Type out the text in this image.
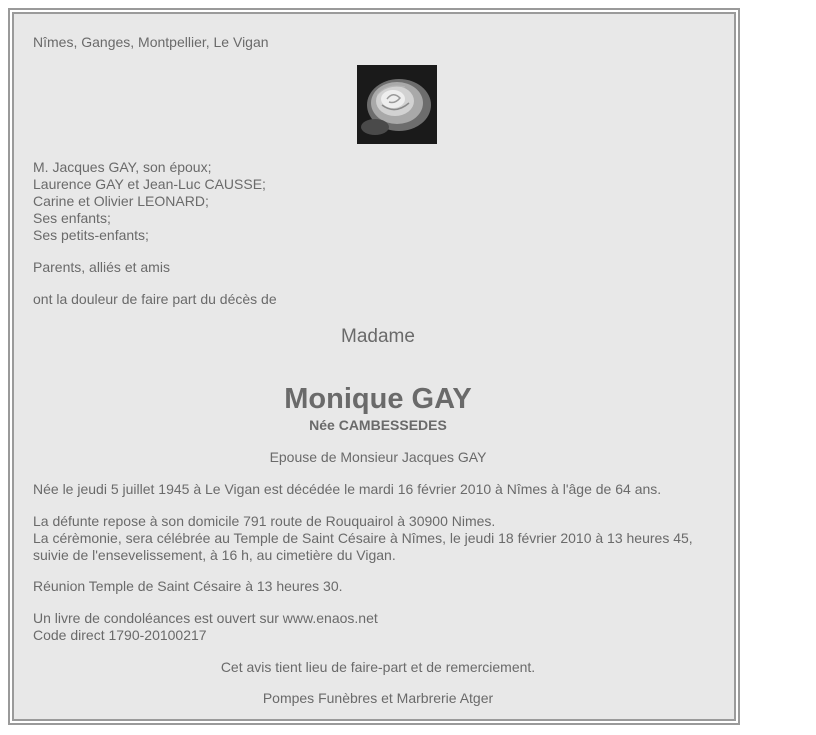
Nîmes, Ganges, Montpellier, Le Vigan
M. Jacques GAY, son époux;
Laurence GAY et Jean-Luc CAUSSE;
Carine et Olivier LEONARD;
Ses enfants;
Ses petits-enfants;
Parents, alliés et amis
ont la douleur de faire part du décès de
Madame
Monique GAY
Née CAMBESSEDES
Epouse de Monsieur Jacques GAY
Née le jeudi 5 juillet 1945 à Le Vigan est décédée le mardi 16 février 2010 à Nîmes à l'âge de 64 ans.
La défunte repose à son domicile 791 route de Rouquairol à 30900 Nimes.
La cérèmonie, sera célébrée au Temple de Saint Césaire à Nîmes, le jeudi 18 février 2010 à 13 heures 45,
suivie de l'ensevelissement, à 16 h, au cimetière du Vigan.
Réunion Temple de Saint Césaire à 13 heures 30.
Un livre de condoléances est ouvert sur www.enaos.net
Code direct 1790-20100217
Cet avis tient lieu de faire-part et de remerciement.
Pompes Funèbres et Marbrerie Atger
